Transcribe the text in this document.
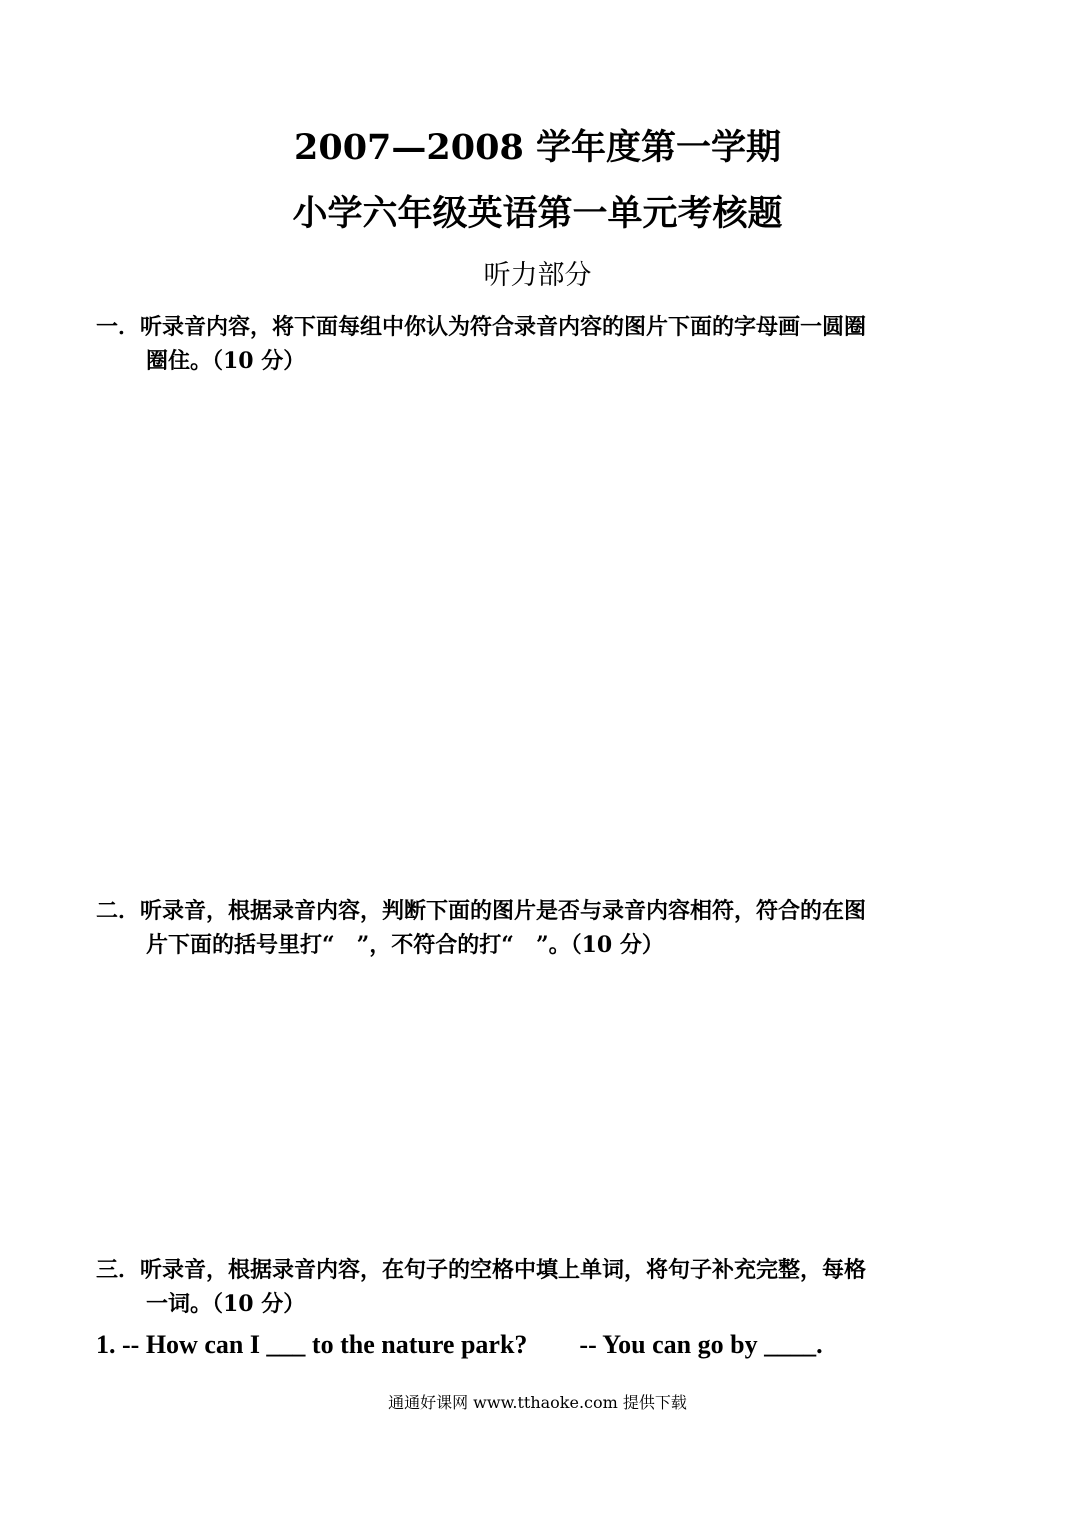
2007—2008 学年度第一学期
小学六年级英语第一单元考核题
听力部分
一．听录音内容，将下面每组中你认为符合录音内容的图片下面的字母画一圆圈
圈住。（10 分）
二．听录音，根据录音内容，判断下面的图片是否与录音内容相符，符合的在图
片下面的括号里打“　”，不符合的打“　”。（10 分）
三．听录音，根据录音内容，在句子的空格中填上单词，将句子补充完整，每格
一词。（10 分）
1. -- How can I ___ to the nature park? -- You can go by ____.
通通好课网 www.tthaoke.com 提供下载
